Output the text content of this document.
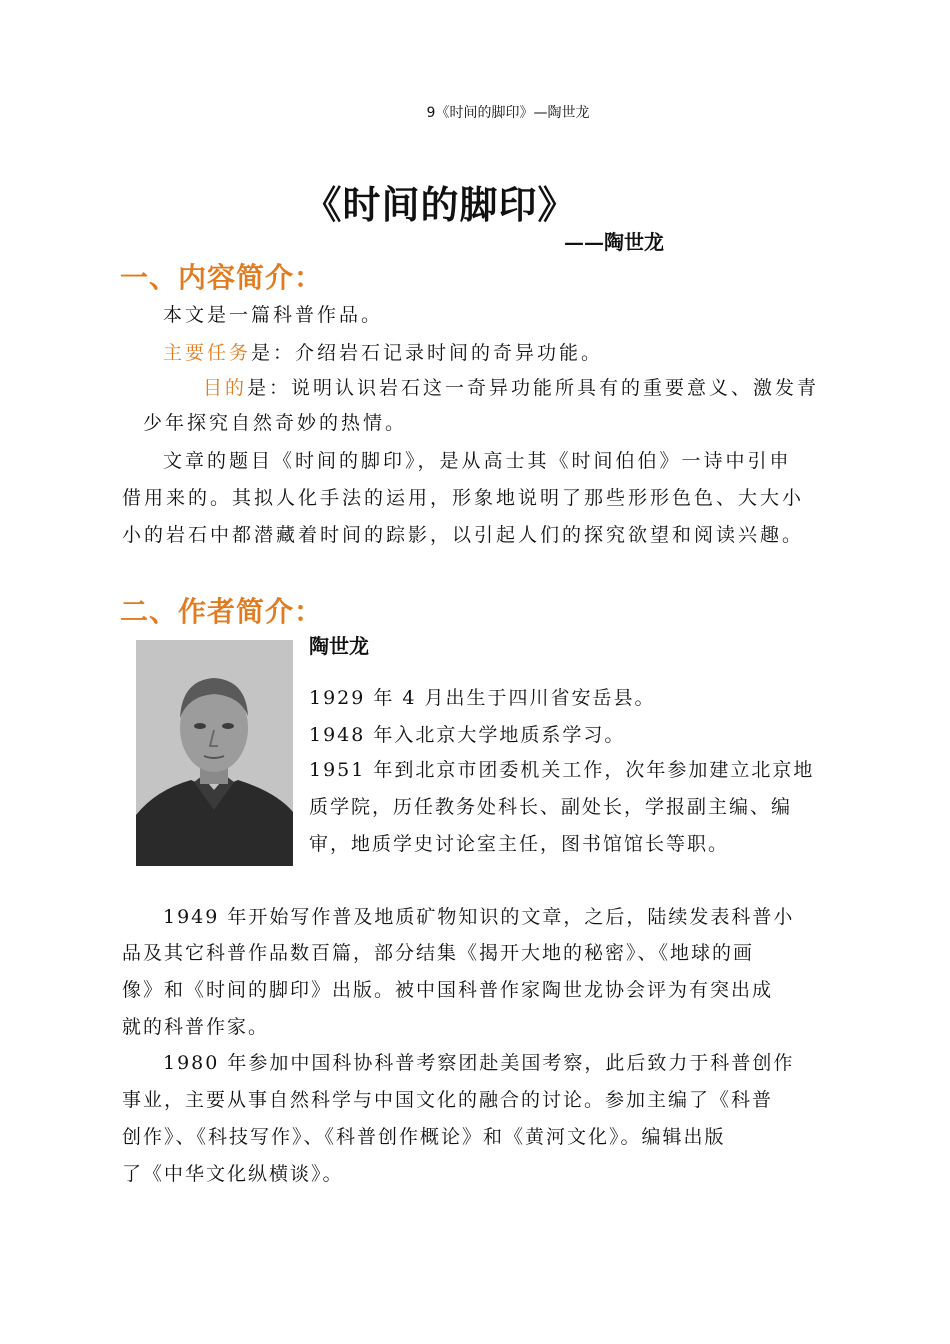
9《时间的脚印》—陶世龙
《时间的脚印》
——陶世龙
一、内容简介：
本文是一篇科普作品。
主要任务是：介绍岩石记录时间的奇异功能。
目的是：说明认识岩石这一奇异功能所具有的重要意义、激发青
少年探究自然奇妙的热情。
文章的题目《时间的脚印》，是从高士其《时间伯伯》一诗中引申
借用来的。其拟人化手法的运用，形象地说明了那些形形色色、大大小
小的岩石中都潜藏着时间的踪影，以引起人们的探究欲望和阅读兴趣。
二、作者简介：
陶世龙
1929 年 4 月出生于四川省安岳县。
1948 年入北京大学地质系学习。
1951 年到北京市团委机关工作，次年参加建立北京地
质学院，历任教务处科长、副处长，学报副主编、编
审，地质学史讨论室主任，图书馆馆长等职。
1949 年开始写作普及地质矿物知识的文章，之后，陆续发表科普小
品及其它科普作品数百篇，部分结集《揭开大地的秘密》、《地球的画
像》和《时间的脚印》出版。被中国科普作家陶世龙协会评为有突出成
就的科普作家。
1980 年参加中国科协科普考察团赴美国考察，此后致力于科普创作
事业，主要从事自然科学与中国文化的融合的讨论。参加主编了《科普
创作》、《科技写作》、《科普创作概论》和《黄河文化》。编辑出版
了《中华文化纵横谈》。
